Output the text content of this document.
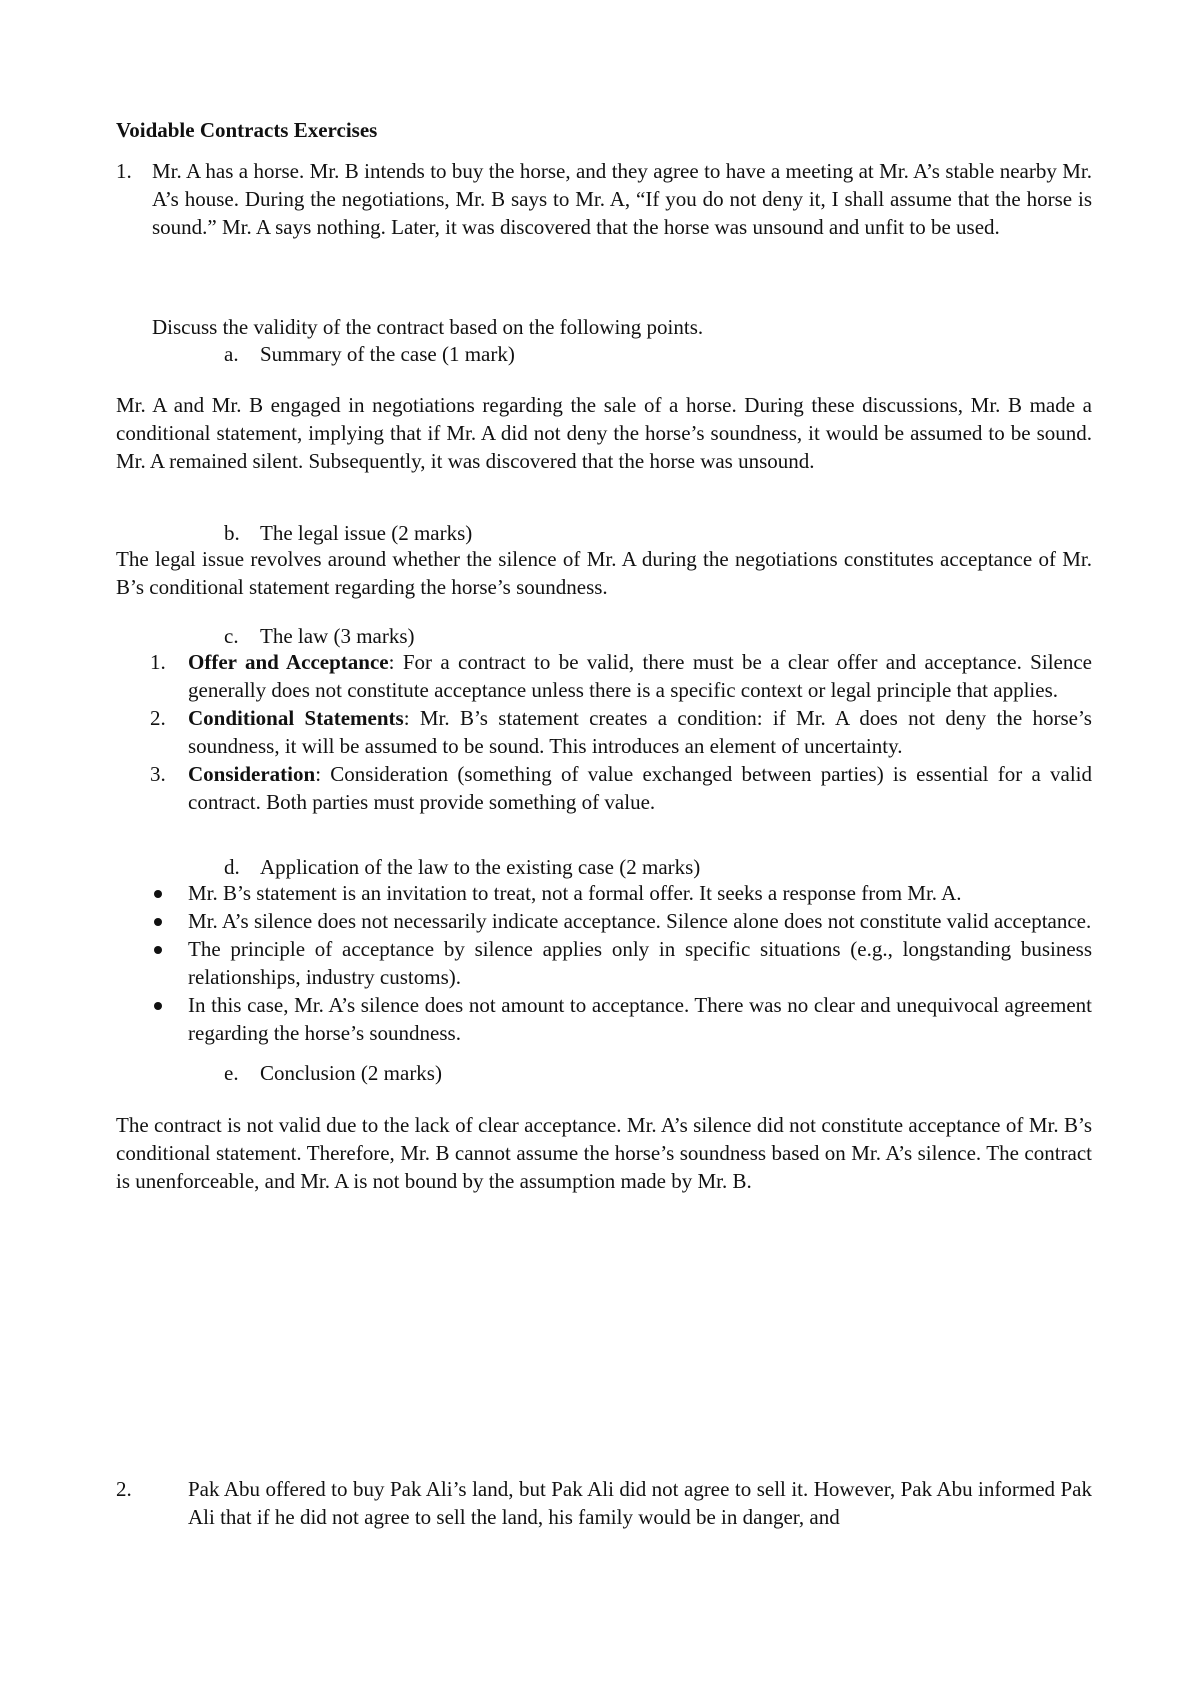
Voidable Contracts Exercises
1. Mr. A has a horse. Mr. B intends to buy the horse, and they agree to have a meeting at Mr. A’s stable nearby Mr. A’s house. During the negotiations, Mr. B says to Mr. A, “If you do not deny it, I shall assume that the horse is sound.” Mr. A says nothing. Later, it was discovered that the horse was unsound and unfit to be used.
Discuss the validity of the contract based on the following points.
a. Summary of the case (1 mark)
Mr. A and Mr. B engaged in negotiations regarding the sale of a horse. During these discussions, Mr. B made a conditional statement, implying that if Mr. A did not deny the horse’s soundness, it would be assumed to be sound. Mr. A remained silent. Subsequently, it was discovered that the horse was unsound.
b. The legal issue (2 marks)
The legal issue revolves around whether the silence of Mr. A during the negotiations constitutes acceptance of Mr. B’s conditional statement regarding the horse’s soundness.
c. The law (3 marks)
1. Offer and Acceptance: For a contract to be valid, there must be a clear offer and acceptance. Silence generally does not constitute acceptance unless there is a specific context or legal principle that applies.
2. Conditional Statements: Mr. B’s statement creates a condition: if Mr. A does not deny the horse’s soundness, it will be assumed to be sound. This introduces an element of uncertainty.
3. Consideration: Consideration (something of value exchanged between parties) is essential for a valid contract. Both parties must provide something of value.
d. Application of the law to the existing case (2 marks)
Mr. B’s statement is an invitation to treat, not a formal offer. It seeks a response from Mr. A.
Mr. A’s silence does not necessarily indicate acceptance. Silence alone does not constitute valid acceptance.
The principle of acceptance by silence applies only in specific situations (e.g., longstanding business relationships, industry customs).
In this case, Mr. A’s silence does not amount to acceptance. There was no clear and unequivocal agreement regarding the horse’s soundness.
e. Conclusion (2 marks)
The contract is not valid due to the lack of clear acceptance. Mr. A’s silence did not constitute acceptance of Mr. B’s conditional statement. Therefore, Mr. B cannot assume the horse’s soundness based on Mr. A’s silence. The contract is unenforceable, and Mr. A is not bound by the assumption made by Mr. B.
2.	Pak Abu offered to buy Pak Ali’s land, but Pak Ali did not agree to sell it. However, Pak Abu informed Pak Ali that if he did not agree to sell the land, his family would be in danger, and
